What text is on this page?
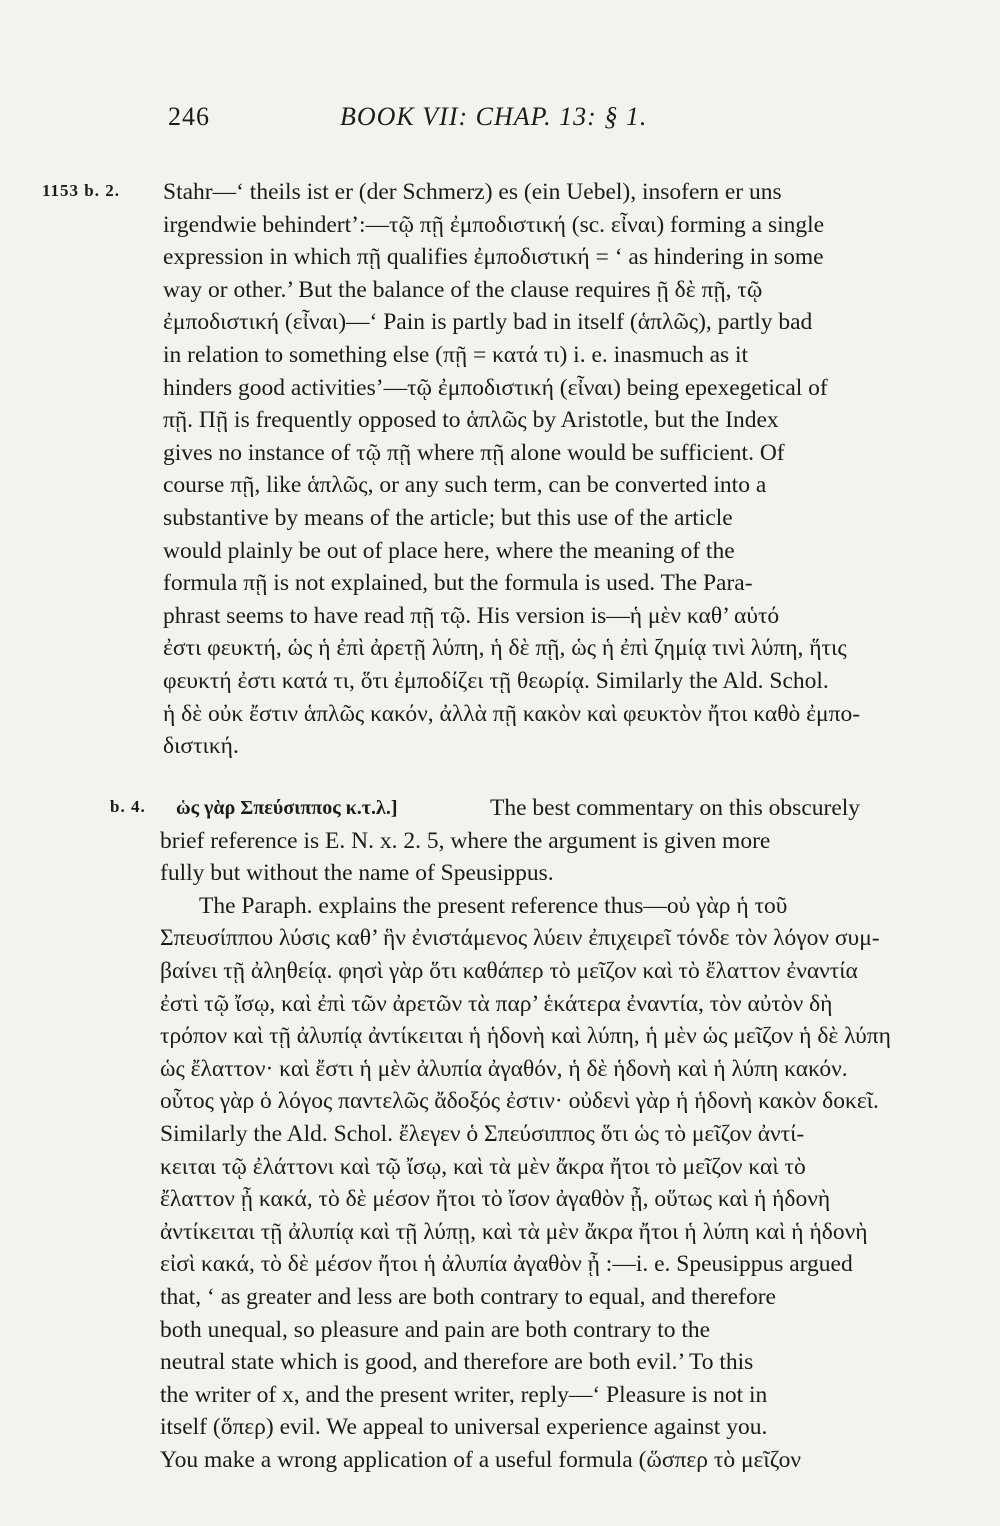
246	BOOK VII: CHAP. 13: § 1.
1153 b. 2. Stahr—‘ theils ist er (der Schmerz) es (ein Uebel), insofern er uns
irgendwie behindert’:—τῷ πῇ ἐμποδιστική (sc. εἶναι) forming a single
expression in which πῇ qualifies ἐμποδιστική = ‘ as hindering in some
way or other.’ But the balance of the clause requires ῇ δὲ πῇ, τῷ
ἐμποδιστική (εἶναι)—‘ Pain is partly bad in itself (ἁπλῶς), partly bad
in relation to something else (πῇ = κατά τι) i. e. inasmuch as it
hinders good activities’—τῷ ἐμποδιστική (εἶναι) being epexegetical of
πῇ. Πῇ is frequently opposed to ἁπλῶς by Aristotle, but the Index
gives no instance of τῷ πῇ where πῇ alone would be sufficient. Of
course πῇ, like ἁπλῶς, or any such term, can be converted into a
substantive by means of the article; but this use of the article
would plainly be out of place here, where the meaning of the
formula πῇ is not explained, but the formula is used. The Para-
phrast seems to have read πῇ τῷ. His version is—ἡ μὲν καθ’ αὑτό
ἐστι φευκτή, ὡς ἡ ἐπὶ ἀρετῇ λύπη, ἡ δὲ πῇ, ὡς ἡ ἐπὶ ζημίᾳ τινὶ λύπη, ἥτις
φευκτή ἐστι κατά τι, ὅτι ἐμποδίζει τῇ θεωρίᾳ. Similarly the Ald. Schol.
ἡ δὲ οὐκ ἔστιν ἁπλῶς κακόν, ἀλλὰ πῇ κακὸν καὶ φευκτὸν ἤτοι καθὸ ἐμπο-
διστική.
b. 4. ὡς γὰρ Σπεύσιππος κ.τ.λ.]	The best commentary on this obscurely
brief reference is E. N. x. 2. 5, where the argument is given more
fully but without the name of Speusippus.
The Paraph. explains the present reference thus—οὐ γὰρ ἡ τοῦ
Σπευσίππου λύσις καθ’ ἣν ἐνιστάμενος λύειν ἐπιχειρεῖ τόνδε τὸν λόγον συμ-
βαίνει τῇ ἀληθείᾳ. φησὶ γὰρ ὅτι καθάπερ τὸ μεῖζον καὶ τὸ ἔλαττον ἐναντία
ἐστὶ τῷ ἴσῳ, καὶ ἐπὶ τῶν ἀρετῶν τὰ παρ’ ἑκάτερα ἐναντία, τὸν αὐτὸν δὴ
τρόπον καὶ τῇ ἀλυπίᾳ ἀντίκειται ἡ ἡδονὴ καὶ λύπη, ἡ μὲν ὡς μεῖζον ἡ δὲ λύπη
ὡς ἔλαττον· καὶ ἔστι ἡ μὲν ἀλυπία ἀγαθόν, ἡ δὲ ἡδονὴ καὶ ἡ λύπη κακόν.
οὗτος γὰρ ὁ λόγος παντελῶς ἄδοξός ἐστιν· οὐδενὶ γὰρ ἡ ἡδονὴ κακὸν δοκεῖ.
Similarly the Ald. Schol. ἔλεγεν ὁ Σπεύσιππος ὅτι ὡς τὸ μεῖζον ἀντί-
κειται τῷ ἐλάττονι καὶ τῷ ἴσῳ, καὶ τὰ μὲν ἄκρα ἤτοι τὸ μεῖζον καὶ τὸ
ἔλαττον ᾖ κακά, τὸ δὲ μέσον ἤτοι τὸ ἴσον ἀγαθὸν ᾖ, οὕτως καὶ ἡ ἡδονὴ
ἀντίκειται τῇ ἀλυπίᾳ καὶ τῇ λύπῃ, καὶ τὰ μὲν ἄκρα ἤτοι ἡ λύπη καὶ ἡ ἡδονὴ
εἰσὶ κακά, τὸ δὲ μέσον ἤτοι ἡ ἀλυπία ἀγαθὸν ᾖ :—i. e. Speusippus argued
that, ‘ as greater and less are both contrary to equal, and therefore
both unequal, so pleasure and pain are both contrary to the
neutral state which is good, and therefore are both evil.’ To this
the writer of x, and the present writer, reply—‘ Pleasure is not in
itself (ὅπερ) evil. We appeal to universal experience against you.
You make a wrong application of a useful formula (ὥσπερ τὸ μεῖζον
